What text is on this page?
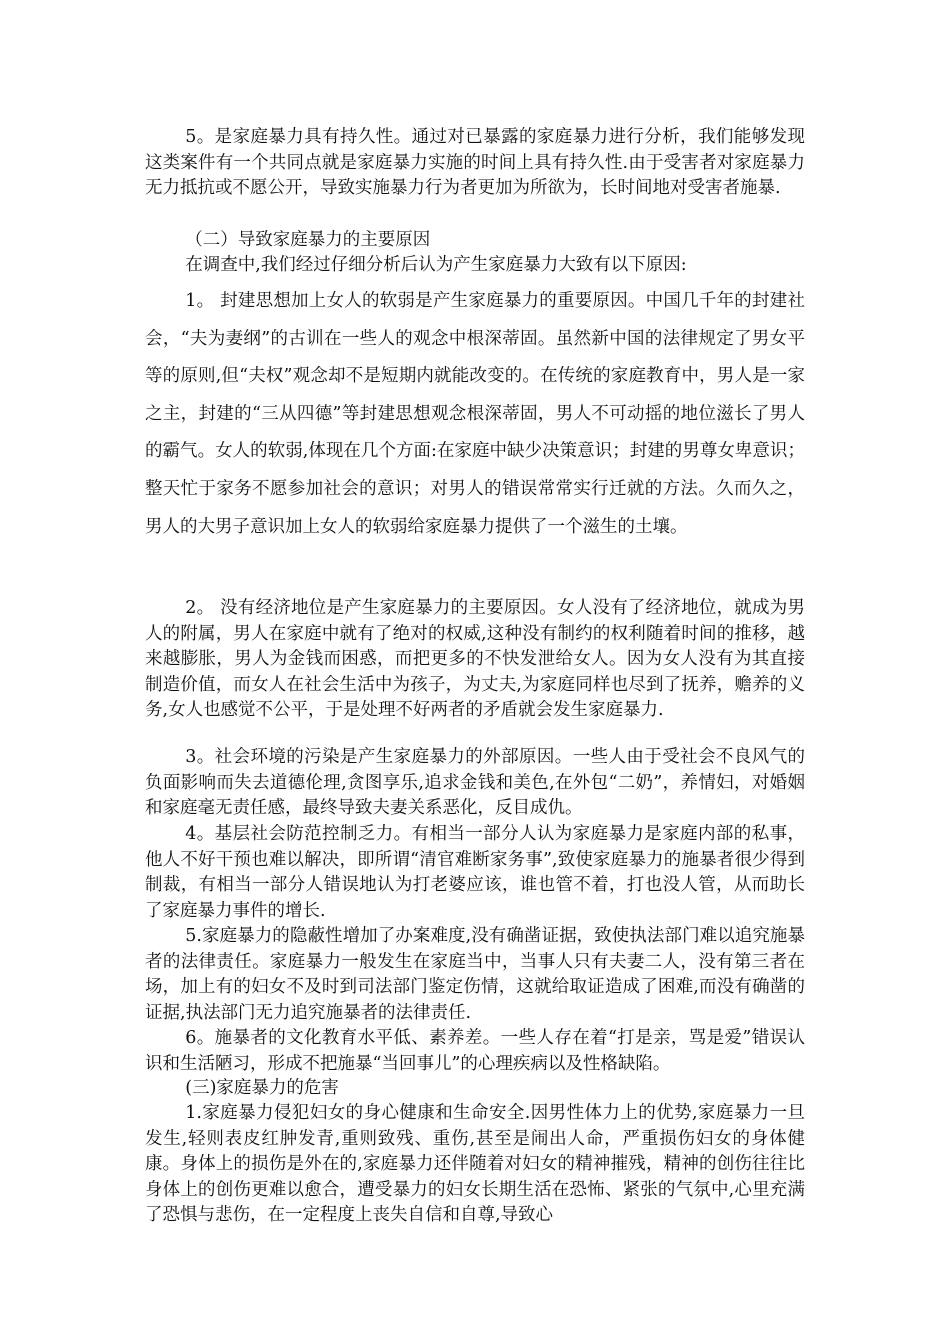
5。是家庭暴力具有持久性。通过对已暴露的家庭暴力进行分析，我们能够发现这类案件有一个共同点就是家庭暴力实施的时间上具有持久性.由于受害者对家庭暴力无力抵抗或不愿公开，导致实施暴力行为者更加为所欲为，长时间地对受害者施暴.

（二）导致家庭暴力的主要原因

在调查中,我们经过仔细分析后认为产生家庭暴力大致有以下原因:

1。 封建思想加上女人的软弱是产生家庭暴力的重要原因。中国几千年的封建社会，“夫为妻纲”的古训在一些人的观念中根深蒂固。虽然新中国的法律规定了男女平等的原则,但“夫权”观念却不是短期内就能改变的。在传统的家庭教育中，男人是一家之主，封建的“三从四德”等封建思想观念根深蒂固，男人不可动摇的地位滋长了男人的霸气。女人的软弱,体现在几个方面:在家庭中缺少决策意识；封建的男尊女卑意识；整天忙于家务不愿参加社会的意识；对男人的错误常常实行迁就的方法。久而久之，男人的大男子意识加上女人的软弱给家庭暴力提供了一个滋生的土壤。

2。 没有经济地位是产生家庭暴力的主要原因。女人没有了经济地位，就成为男人的附属，男人在家庭中就有了绝对的权威,这种没有制约的权利随着时间的推移，越来越膨胀，男人为金钱而困惑，而把更多的不快发泄给女人。因为女人没有为其直接制造价值，而女人在社会生活中为孩子，为丈夫,为家庭同样也尽到了抚养，赡养的义务,女人也感觉不公平，于是处理不好两者的矛盾就会发生家庭暴力.

3。社会环境的污染是产生家庭暴力的外部原因。一些人由于受社会不良风气的负面影响而失去道德伦理,贪图享乐,追求金钱和美色,在外包“二奶”，养情妇，对婚姻和家庭毫无责任感，最终导致夫妻关系恶化，反目成仇。

4。基层社会防范控制乏力。有相当一部分人认为家庭暴力是家庭内部的私事，他人不好干预也难以解决，即所谓“清官难断家务事”,致使家庭暴力的施暴者很少得到制裁，有相当一部分人错误地认为打老婆应该，谁也管不着，打也没人管，从而助长了家庭暴力事件的增长.

5.家庭暴力的隐蔽性增加了办案难度,没有确凿证据，致使执法部门难以追究施暴者的法律责任。家庭暴力一般发生在家庭当中，当事人只有夫妻二人，没有第三者在场，加上有的妇女不及时到司法部门鉴定伤情，这就给取证造成了困难,而没有确凿的证据,执法部门无力追究施暴者的法律责任.

6。施暴者的文化教育水平低、素养差。一些人存在着“打是亲，骂是爱”错误认识和生活陋习，形成不把施暴“当回事儿”的心理疾病以及性格缺陷。

(三)家庭暴力的危害

1.家庭暴力侵犯妇女的身心健康和生命安全.因男性体力上的优势,家庭暴力一旦发生,轻则表皮红肿发青,重则致残、重伤,甚至是闹出人命，严重损伤妇女的身体健康。身体上的损伤是外在的,家庭暴力还伴随着对妇女的精神摧残，精神的创伤往往比身体上的创伤更难以愈合，遭受暴力的妇女长期生活在恐怖、紧张的气氛中,心里充满了恐惧与悲伤，在一定程度上丧失自信和自尊,导致心
